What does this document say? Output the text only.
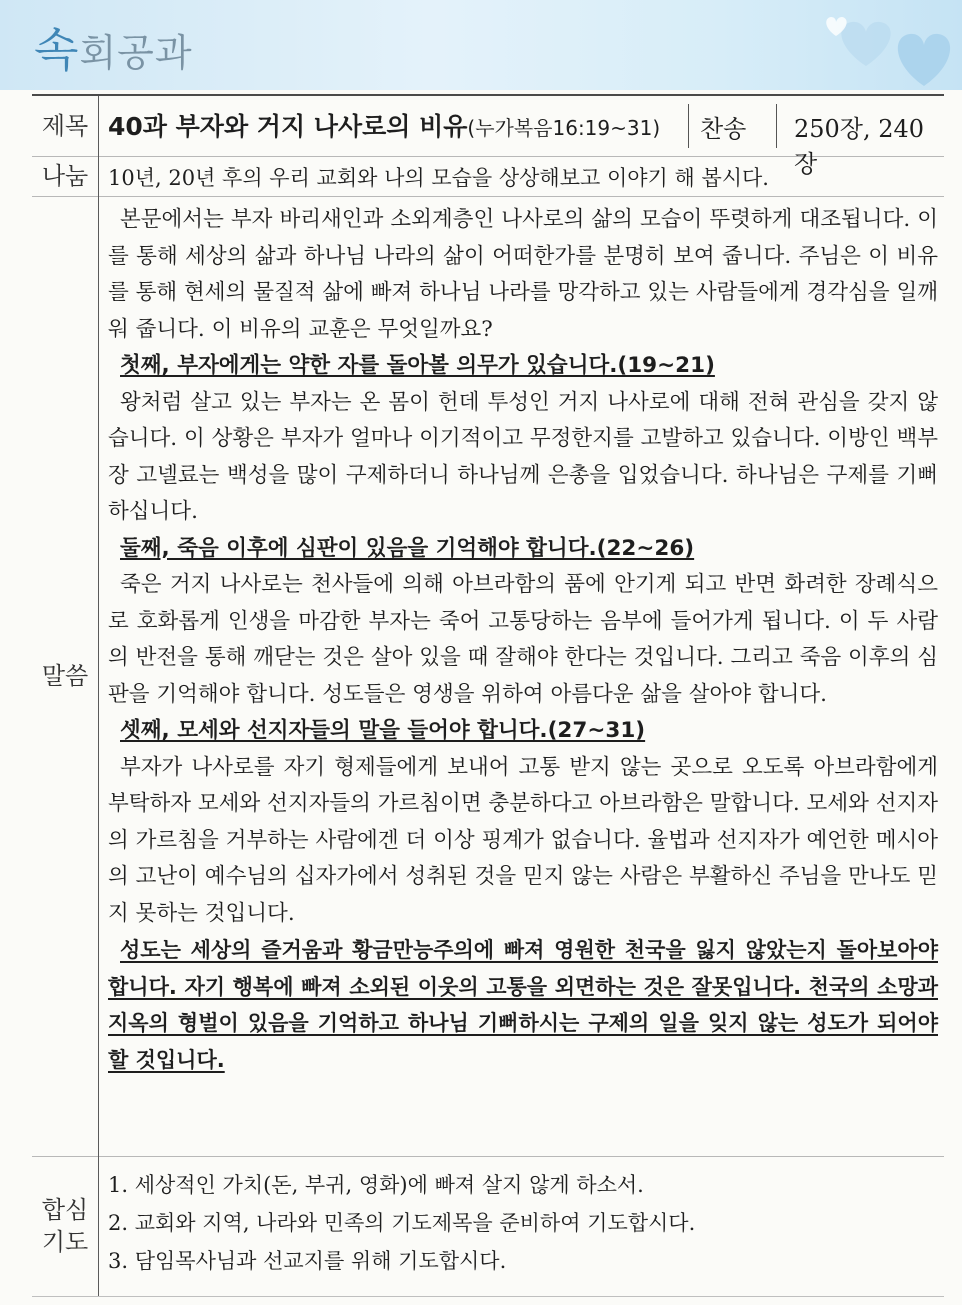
속회공과
제목 40과 부자와 거지 나사로의 비유(누가복음16:19~31) 찬송 250장, 240장
나눔 10년, 20년 후의 우리 교회와 나의 모습을 상상해보고 이야기 해 봅시다.
말씀

본문에서는 부자 바리새인과 소외계층인 나사로의 삶의 모습이 뚜렷하게 대조됩니다. 이를 통해 세상의 삶과 하나님 나라의 삶이 어떠한가를 분명히 보여 줍니다. 주님은 이 비유를 통해 현세의 물질적 삶에 빠져 하나님 나라를 망각하고 있는 사람들에게 경각심을 일깨워 줍니다. 이 비유의 교훈은 무엇일까요?

첫째, 부자에게는 약한 자를 돌아볼 의무가 있습니다.(19~21)

왕처럼 살고 있는 부자는 온 몸이 헌데 투성인 거지 나사로에 대해 전혀 관심을 갖지 않습니다. 이 상황은 부자가 얼마나 이기적이고 무정한지를 고발하고 있습니다. 이방인 백부장 고넬료는 백성을 많이 구제하더니 하나님께 은총을 입었습니다. 하나님은 구제를 기뻐하십니다.

둘째, 죽음 이후에 심판이 있음을 기억해야 합니다.(22~26)

죽은 거지 나사로는 천사들에 의해 아브라함의 품에 안기게 되고 반면 화려한 장례식으로 호화롭게 인생을 마감한 부자는 죽어 고통당하는 음부에 들어가게 됩니다. 이 두 사람의 반전을 통해 깨닫는 것은 살아 있을 때 잘해야 한다는 것입니다. 그리고 죽음 이후의 심판을 기억해야 합니다. 성도들은 영생을 위하여 아름다운 삶을 살아야 합니다.

셋째, 모세와 선지자들의 말을 들어야 합니다.(27~31)

부자가 나사로를 자기 형제들에게 보내어 고통 받지 않는 곳으로 오도록 아브라함에게 부탁하자 모세와 선지자들의 가르침이면 충분하다고 아브라함은 말합니다. 모세와 선지자의 가르침을 거부하는 사람에겐 더 이상 핑계가 없습니다. 율법과 선지자가 예언한 메시아의 고난이 예수님의 십자가에서 성취된 것을 믿지 않는 사람은 부활하신 주님을 만나도 믿지 못하는 것입니다.

성도는 세상의 즐거움과 황금만능주의에 빠져 영원한 천국을 잃지 않았는지 돌아보아야 합니다. 자기 행복에 빠져 소외된 이웃의 고통을 외면하는 것은 잘못입니다. 천국의 소망과 지옥의 형벌이 있음을 기억하고 하나님 기뻐하시는 구제의 일을 잊지 않는 성도가 되어야 할 것입니다.

합심
기도
1. 세상적인 가치(돈, 부귀, 영화)에 빠져 살지 않게 하소서.
2. 교회와 지역, 나라와 민족의 기도제목을 준비하여 기도합시다.
3. 담임목사님과 선교지를 위해 기도합시다.
